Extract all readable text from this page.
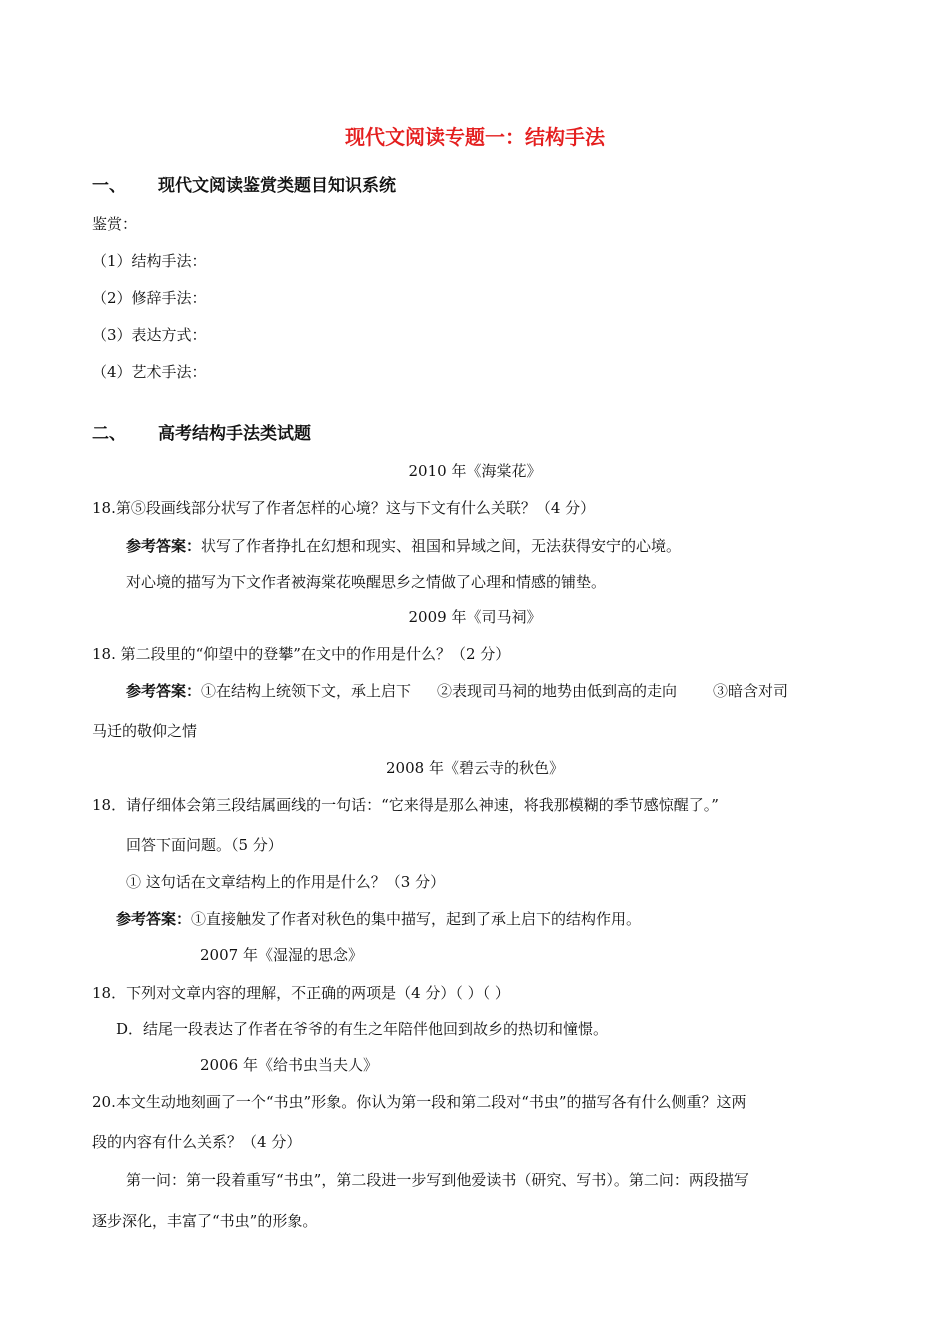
现代文阅读专题一：结构手法
一、 现代文阅读鉴赏类题目知识系统
鉴赏：
（1）结构手法：
（2）修辞手法：
（3）表达方式：
（4）艺术手法：
二、 高考结构手法类试题
2010 年《海棠花》
18.第⑤段画线部分状写了作者怎样的心境？这与下文有什么关联？（4 分）
参考答案：状写了作者挣扎在幻想和现实、祖国和异域之间，无法获得安宁的心境。
对心境的描写为下文作者被海棠花唤醒思乡之情做了心理和情感的铺垫。
2009 年《司马祠》
18. 第二段里的“仰望中的登攀”在文中的作用是什么？（2 分）
参考答案：①在结构上统领下文，承上启下 ②表现司马祠的地势由低到高的走向 ③暗含对司
马迁的敬仰之情
2008 年《碧云寺的秋色》
18．请仔细体会第三段结属画线的一句话：“它来得是那么神速，将我那模糊的季节感惊醒了。”
回答下面问题。（5 分）
① 这句话在文章结构上的作用是什么？（3 分）
参考答案：①直接触发了作者对秋色的集中描写，起到了承上启下的结构作用。
2007 年《湿湿的思念》
18．下列对文章内容的理解，不正确的两项是（4 分）（ ）（ ）
D．结尾一段表达了作者在爷爷的有生之年陪伴他回到故乡的热切和憧憬。
2006 年《给书虫当夫人》
20.本文生动地刻画了一个“书虫”形象。你认为第一段和第二段对“书虫”的描写各有什么侧重？这两
段的内容有什么关系？（4 分）
第一问：第一段着重写“书虫”，第二段进一步写到他爱读书（研究、写书）。第二问：两段描写
逐步深化，丰富了“书虫”的形象。
